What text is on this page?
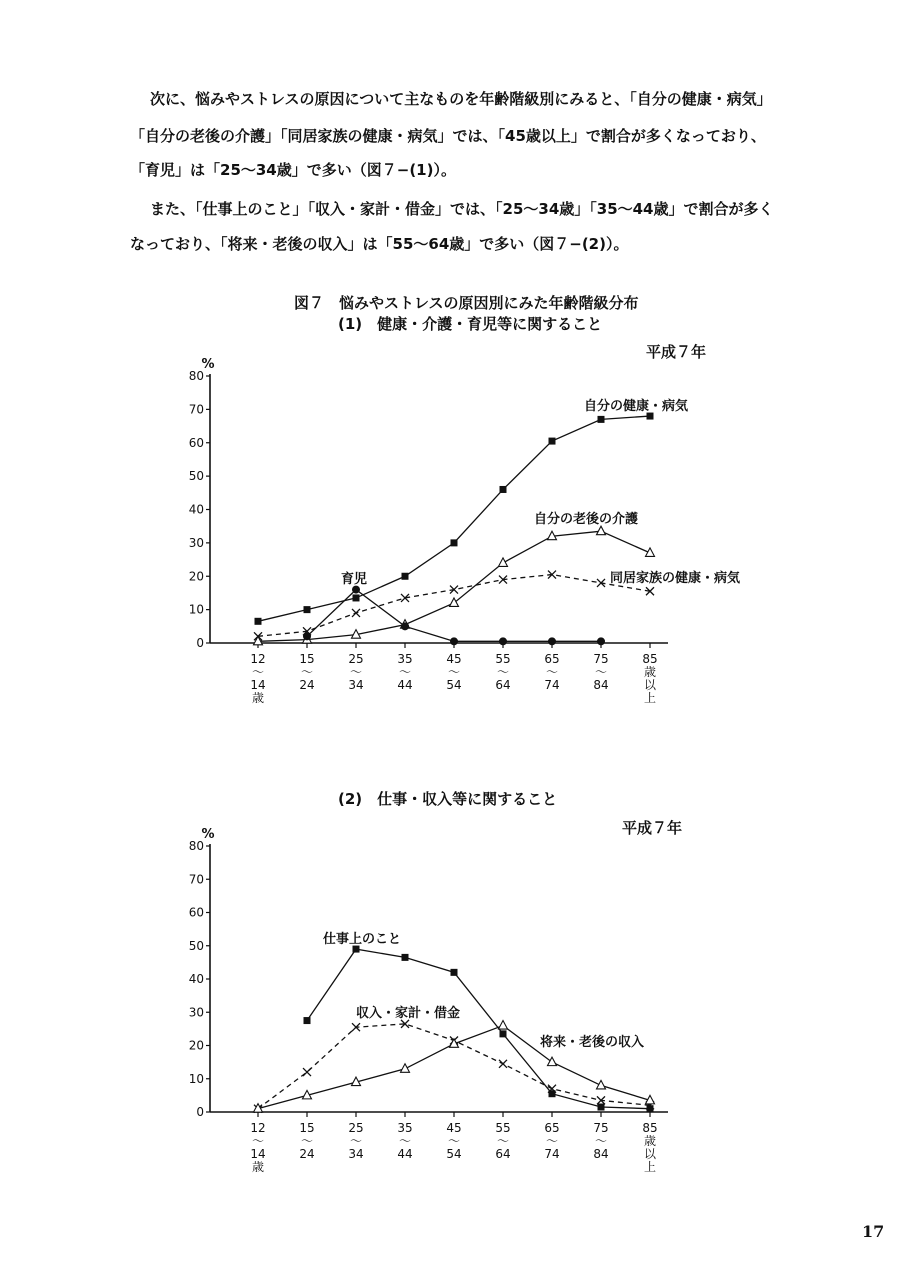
次に、悩みやストレスの原因について主なものを年齢階級別にみると、「自分の健康・病気」
「自分の老後の介護」「同居家族の健康・病気」では、「45歳以上」で割合が多くなっており、
「育児」は「25〜34歳」で多い（図７−(1)）。
また、「仕事上のこと」「収入・家計・借金」では、「25〜34歳」「35〜44歳」で割合が多く
なっており、「将来・老後の収入」は「55〜64歳」で多い（図７−(2)）。
図７　悩みやストレスの原因別にみた年齢階級分布
(1)　健康・介護・育児等に関すること
平成７年
(2)　仕事・収入等に関すること
平成７年
0
10
20
30
40
50
60
70
80
%
12
〜
14
歳
15
〜
24
25
〜
34
35
〜
44
45
〜
54
55
〜
64
65
〜
74
75
〜
84
85
歳
以
上
自分の健康・病気
自分の老後の介護
同居家族の健康・病気
育児
0
10
20
30
40
50
60
70
80
%
12
〜
14
歳
15
〜
24
25
〜
34
35
〜
44
45
〜
54
55
〜
64
65
〜
74
75
〜
84
85
歳
以
上
仕事上のこと
収入・家計・借金
将来・老後の収入
17
